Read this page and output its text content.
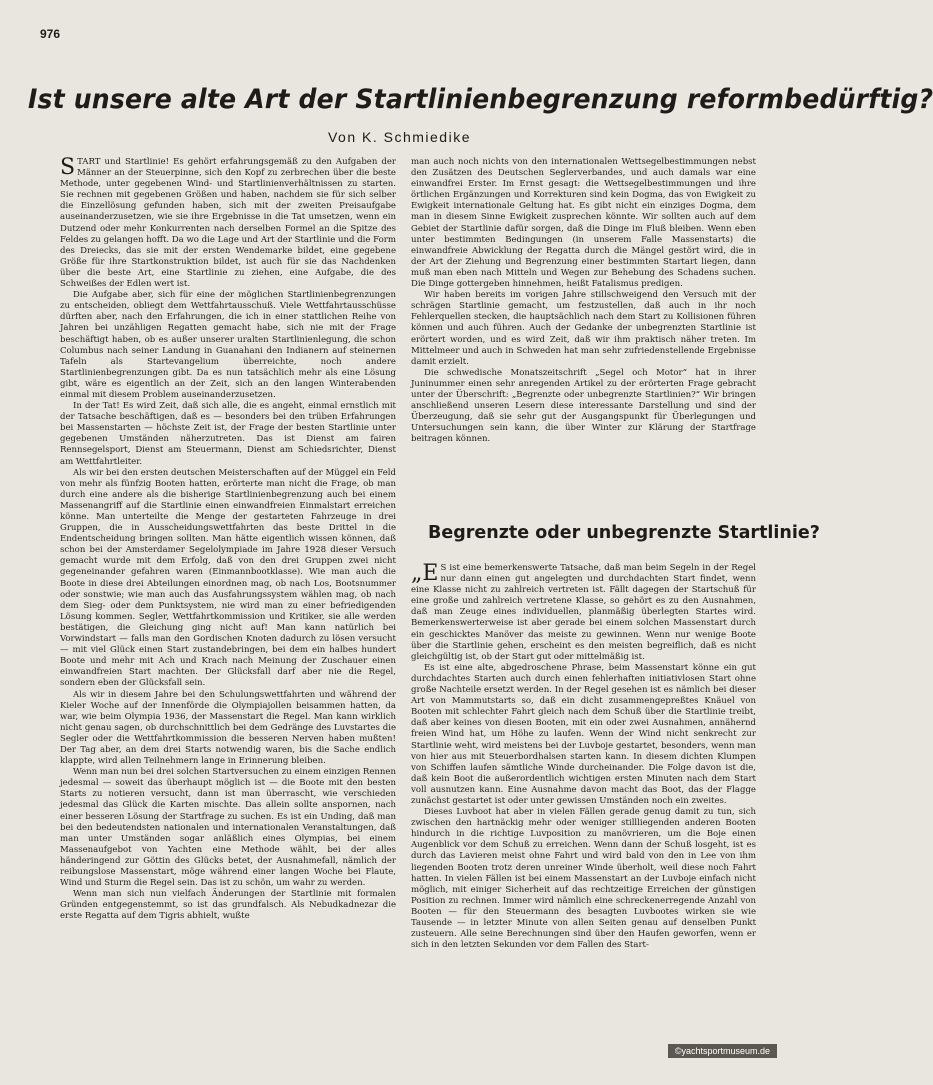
976
Ist unsere alte Art der Startlinienbegrenzung reformbedürftig?
Von K. Schmiedike

START und Startlinie! Es gehört erfahrungsgemäß zu den Aufgaben der Männer an der Steuerpinne, sich den Kopf zu zerbrechen über die beste Methode, unter gegebenen Wind- und Startlinienverhältnissen zu starten. Sie rechnen mit gegebenen Größen und haben, nachdem sie für sich selber die Einzellösung gefunden haben, sich mit der zweiten Preisaufgabe auseinanderzusetzen, wie sie ihre Ergebnisse in die Tat umsetzen, wenn ein Dutzend oder mehr Konkurrenten nach derselben Formel an die Spitze des Feldes zu gelangen hofft. Da wo die Lage und Art der Startlinie und die Form des Dreiecks, das sie mit der ersten Wendemarke bildet, eine gegebene Größe für ihre Startkonstruktion bildet, ist auch für sie das Nachdenken über die beste Art, eine Startlinie zu ziehen, eine Aufgabe, die des Schweißes der Edlen wert ist.

Die Aufgabe aber, sich für eine der möglichen Startlinienbegrenzungen zu entscheiden, obliegt dem Wettfahrtausschuß. Viele Wettfahrtausschüsse dürften aber, nach den Erfahrungen, die ich in einer stattlichen Reihe von Jahren bei unzähligen Regatten gemacht habe, sich nie mit der Frage beschäftigt haben, ob es außer unserer uralten Startlinienlegung, die schon Columbus nach seiner Landung in Guanahani den Indianern auf steinernen Tafeln als Startevangelium überreichte, noch andere Startlinienbegrenzungen gibt. Da es nun tatsächlich mehr als eine Lösung gibt, wäre es eigentlich an der Zeit, sich an den langen Winterabenden einmal mit diesem Problem auseinanderzusetzen.

In der Tat! Es wird Zeit, daß sich alle, die es angeht, einmal ernstlich mit der Tatsache beschäftigen, daß es — besonders bei den trüben Erfahrungen bei Massenstarten — höchste Zeit ist, der Frage der besten Startlinie unter gegebenen Umständen näherzutreten. Das ist Dienst am fairen Rennsegelsport, Dienst am Steuermann, Dienst am Schiedsrichter, Dienst am Wettfahrtleiter.

Als wir bei den ersten deutschen Meisterschaften auf der Müggel ein Feld von mehr als fünfzig Booten hatten, erörterte man nicht die Frage, ob man durch eine andere als die bisherige Startlinienbegrenzung auch bei einem Massenangriff auf die Startlinie einen einwandfreien Einmalstart erreichen könne. Man unterteilte die Menge der gestarteten Fahrzeuge in drei Gruppen, die in Ausscheidungswettfahrten das beste Drittel in die Endentscheidung bringen sollten. Man hätte eigentlich wissen können, daß schon bei der Amsterdamer Segelolympiade im Jahre 1928 dieser Versuch gemacht wurde mit dem Erfolg, daß von den drei Gruppen zwei nicht gegeneinander gefahren waren (Einmannbootklasse). Wie man auch die Boote in diese drei Abteilungen einordnen mag, ob nach Los, Bootsnummer oder sonstwie; wie man auch das Ausfahrungssystem wählen mag, ob nach dem Sieg- oder dem Punktsystem, nie wird man zu einer befriedigenden Lösung kommen. Segler, Wettfahrtkommission und Kritiker, sie alle werden bestätigen, die Gleichung ging nicht auf! Man kann natürlich bei Vorwindstart — falls man den Gordischen Knoten dadurch zu lösen versucht — mit viel Glück einen Start zustandebringen, bei dem ein halbes hundert Boote und mehr mit Ach und Krach nach Meinung der Zuschauer einen einwandfreien Start machten. Der Glücksfall darf aber nie die Regel, sondern eben der Glücksfall sein.

Als wir in diesem Jahre bei den Schulungswettfahrten und während der Kieler Woche auf der Innenförde die Olympiajollen beisammen hatten, da war, wie beim Olympia 1936, der Massenstart die Regel. Man kann wirklich nicht genau sagen, ob durchschnittlich bei dem Gedränge des Luvstartes die Segler oder die Wettfahrtkommission die besseren Nerven haben mußten! Der Tag aber, an dem drei Starts notwendig waren, bis die Sache endlich klappte, wird allen Teilnehmern lange in Erinnerung bleiben.

Wenn man nun bei drei solchen Startversuchen zu einem einzigen Rennen jedesmal — soweit das überhaupt möglich ist — die Boote mit den besten Starts zu notieren versucht, dann ist man überrascht, wie verschieden jedesmal das Glück die Karten mischte. Das allein sollte anspornen, nach einer besseren Lösung der Startfrage zu suchen. Es ist ein Unding, daß man bei den bedeutendsten nationalen und internationalen Veranstaltungen, daß man unter Umständen sogar anläßlich eines Olympias, bei einem Massenaufgebot von Yachten eine Methode wählt, bei der alles händeringend zur Göttin des Glücks betet, der Ausnahmefall, nämlich der reibungslose Massenstart, möge während einer langen Woche bei Flaute, Wind und Sturm die Regel sein. Das ist zu schön, um wahr zu werden.

Wenn man sich nun vielfach Änderungen der Startlinie mit formalen Gründen entgegenstemmt, so ist das grundfalsch. Als Nebudkadnezar die erste Regatta auf dem Tigris abhielt, wußte

man auch noch nichts von den internationalen Wettsegelbestimmungen nebst den Zusätzen des Deutschen Seglerverbandes, und auch damals war eine einwandfrei Erster. Im Ernst gesagt: die Wettsegelbestimmungen und ihre örtlichen Ergänzungen und Korrekturen sind kein Dogma, das von Ewigkeit zu Ewigkeit internationale Geltung hat. Es gibt nicht ein einziges Dogma, dem man in diesem Sinne Ewigkeit zusprechen könnte. Wir sollten auch auf dem Gebiet der Startlinie dafür sorgen, daß die Dinge im Fluß bleiben. Wenn eben unter bestimmten Bedingungen (in unserem Falle Massenstarts) die einwandfreie Abwicklung der Regatta durch die Mängel gestört wird, die in der Art der Ziehung und Begrenzung einer bestimmten Startart liegen, dann muß man eben nach Mitteln und Wegen zur Behebung des Schadens suchen. Die Dinge gottergeben hinnehmen, heißt Fatalismus predigen.

Wir haben bereits im vorigen Jahre stillschweigend den Versuch mit der schrägen Startlinie gemacht, um festzustellen, daß auch in ihr noch Fehlerquellen stecken, die hauptsächlich nach dem Start zu Kollisionen führen können und auch führen. Auch der Gedanke der unbegrenzten Startlinie ist erörtert worden, und es wird Zeit, daß wir ihm praktisch näher treten. Im Mittelmeer und auch in Schweden hat man sehr zufriedenstellende Ergebnisse damit erzielt.

Die schwedische Monatszeitschrift „Segel och Motor“ hat in ihrer Juninummer einen sehr anregenden Artikel zu der erörterten Frage gebracht unter der Überschrift: „Begrenzte oder unbegrenzte Startlinien?“ Wir bringen anschließend unseren Lesern diese interessante Darstellung und sind der Überzeugung, daß sie sehr gut der Ausgangspunkt für Überlegungen und Untersuchungen sein kann, die über Winter zur Klärung der Startfrage beitragen können.

Begrenzte oder unbegrenzte Startlinie?

„E S ist eine bemerkenswerte Tatsache, daß man beim Segeln in der Regel nur dann einen gut angelegten und durchdachten Start findet, wenn eine Klasse nicht zu zahlreich vertreten ist. Fällt dagegen der Startschuß für eine große und zahlreich vertretene Klasse, so gehört es zu den Ausnahmen, daß man Zeuge eines individuellen, planmäßig überlegten Startes wird. Bemerkenswerterweise ist aber gerade bei einem solchen Massenstart durch ein geschicktes Manöver das meiste zu gewinnen. Wenn nur wenige Boote über die Startlinie gehen, erscheint es den meisten begreiflich, daß es nicht gleichgültig ist, ob der Start gut oder mittelmäßig ist.

Es ist eine alte, abgedroschene Phrase, beim Massenstart könne ein gut durchdachtes Starten auch durch einen fehlerhaften initiativlosen Start ohne große Nachteile ersetzt werden. In der Regel gesehen ist es nämlich bei dieser Art von Mammutstarts so, daß ein dicht zusammengepreßtes Knäuel von Booten mit schlechter Fahrt gleich nach dem Schuß über die Startlinie treibt, daß aber keines von diesen Booten, mit ein oder zwei Ausnahmen, annähernd freien Wind hat, um Höhe zu laufen. Wenn der Wind nicht senkrecht zur Startlinie weht, wird meistens bei der Luvboje gestartet, besonders, wenn man von hier aus mit Steuerbordhalsen starten kann. In diesem dichten Klumpen von Schiffen laufen sämtliche Winde durcheinander. Die Folge davon ist die, daß kein Boot die außerordentlich wichtigen ersten Minuten nach dem Start voll ausnutzen kann. Eine Ausnahme davon macht das Boot, das der Flagge zunächst gestartet ist oder unter gewissen Umständen noch ein zweites.

Dieses Luvboot hat aber in vielen Fällen gerade genug damit zu tun, sich zwischen den hartnäckig mehr oder weniger stillliegenden anderen Booten hindurch in die richtige Luvposition zu manövrieren, um die Boje einen Augenblick vor dem Schuß zu erreichen. Wenn dann der Schuß losgeht, ist es durch das Lavieren meist ohne Fahrt und wird bald von den in Lee von ihm liegenden Booten trotz deren unreiner Winde überholt, weil diese noch Fahrt hatten. In vielen Fällen ist bei einem Massenstart an der Luvboje einfach nicht möglich, mit einiger Sicherheit auf das rechtzeitige Erreichen der günstigen Position zu rechnen. Immer wird nämlich eine schreckenerregende Anzahl von Booten — für den Steuermann des besagten Luvbootes wirken sie wie Tausende — in letzter Minute von allen Seiten genau auf denselben Punkt zusteuern. Alle seine Berechnungen sind über den Haufen geworfen, wenn er sich in den letzten Sekunden vor dem Fallen des Start-

©yachtsportmuseum.de
